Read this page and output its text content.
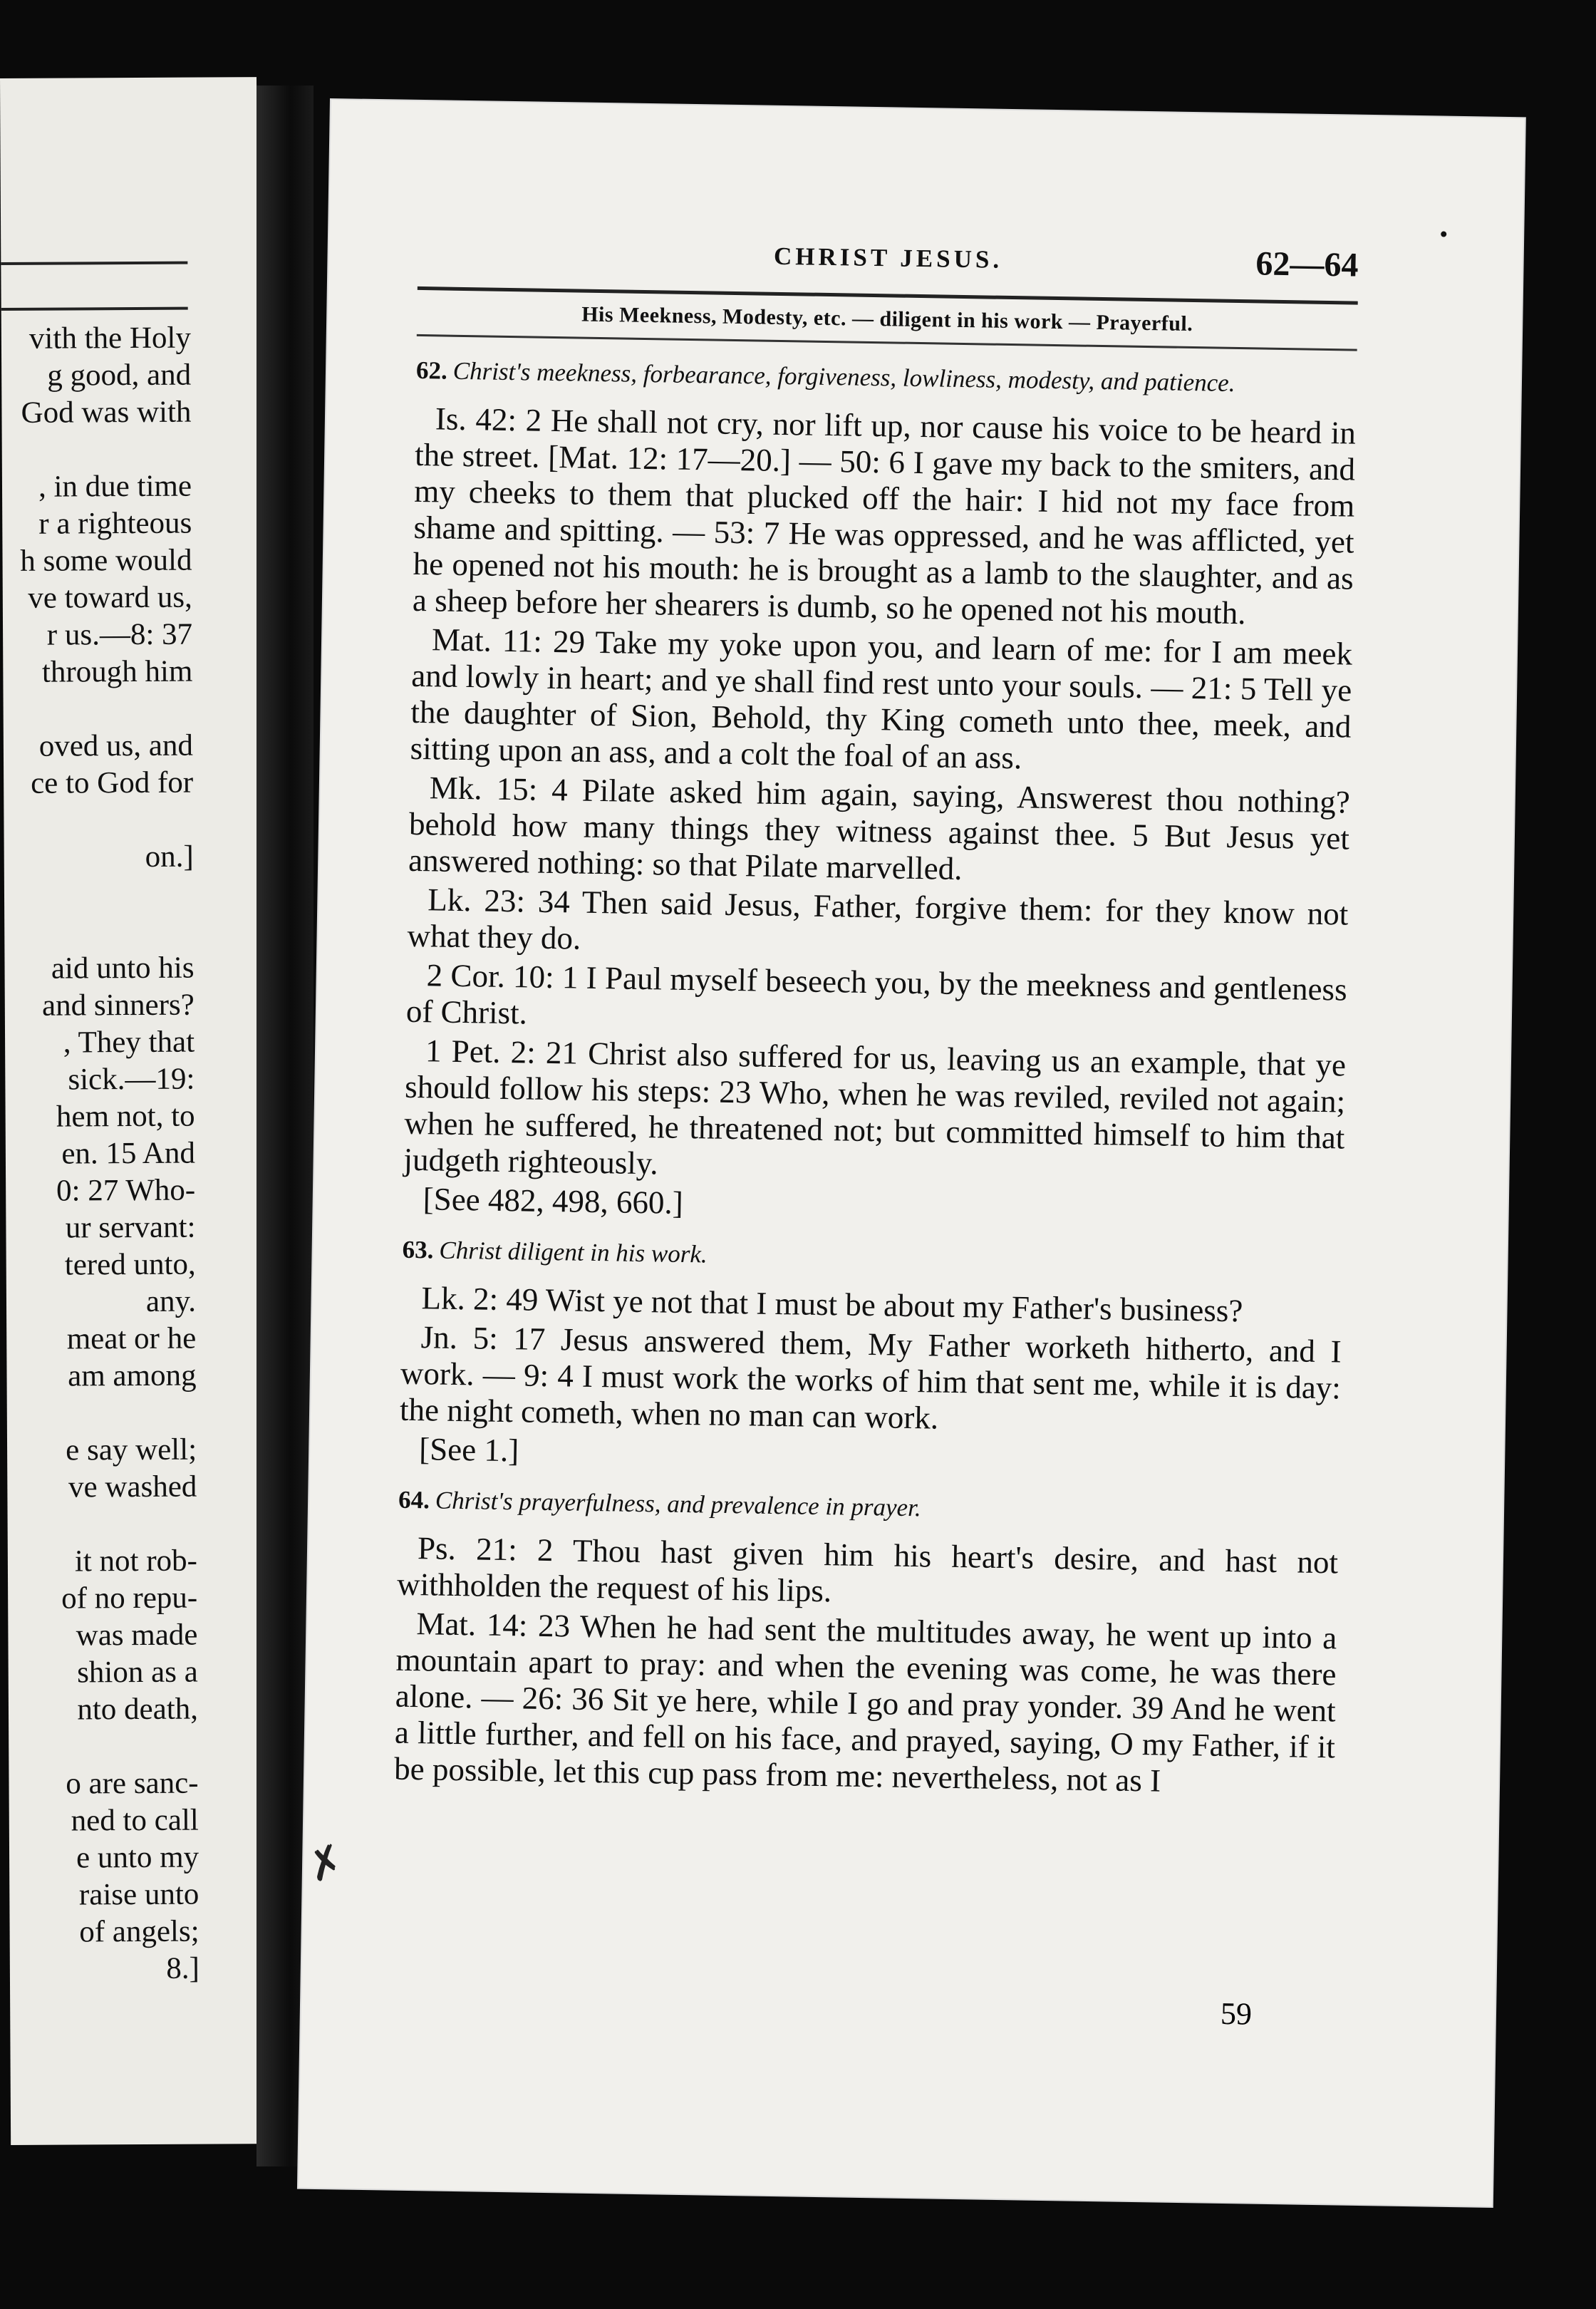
vith the Holy
g good, and
God was with
, in due time
r a righteous
h some would
ve toward us,
r us.—8: 37
through him
oved us, and
ce to God for
on.]
aid unto his
and sinners?
, They that
sick.—19:
hem not, to
en. 15 And
0: 27 Who-
ur servant:
tered unto,
any.
meat or he
am among
e say well;
ve washed
it not rob-
of no repu-
was made
shion as a
nto death,
o are sanc-
ned to call
e unto my
raise unto
of angels;
8.]
CHRIST JESUS.	62—64
His Meekness, Modesty, etc. — diligent in his work — Prayerful.
62. Christ's meekness, forbearance, forgiveness, lowliness, modesty, and patience.

Is. 42: 2 He shall not cry, nor lift up, nor cause his voice to be heard in the street. [Mat. 12: 17—20.] — 50: 6 I gave my back to the smiters, and my cheeks to them that plucked off the hair: I hid not my face from shame and spitting. — 53: 7 He was oppressed, and he was afflicted, yet he opened not his mouth: he is brought as a lamb to the slaughter, and as a sheep before her shearers is dumb, so he opened not his mouth.

Mat. 11: 29 Take my yoke upon you, and learn of me: for I am meek and lowly in heart; and ye shall find rest unto your souls. — 21: 5 Tell ye the daughter of Sion, Behold, thy King cometh unto thee, meek, and sitting upon an ass, and a colt the foal of an ass.

Mk. 15: 4 Pilate asked him again, saying, Answerest thou nothing? behold how many things they witness against thee. 5 But Jesus yet answered nothing: so that Pilate marvelled.

Lk. 23: 34 Then said Jesus, Father, forgive them: for they know not what they do.

2 Cor. 10: 1 I Paul myself beseech you, by the meekness and gentleness of Christ.

1 Pet. 2: 21 Christ also suffered for us, leaving us an example, that ye should follow his steps: 23 Who, when he was reviled, reviled not again; when he suffered, he threatened not; but committed himself to him that judgeth righteously.

[See 482, 498, 660.]

63. Christ diligent in his work.

Lk. 2: 49 Wist ye not that I must be about my Father's business?

Jn. 5: 17 Jesus answered them, My Father worketh hitherto, and I work. — 9: 4 I must work the works of him that sent me, while it is day: the night cometh, when no man can work.

[See 1.]

64. Christ's prayerfulness, and prevalence in prayer.

Ps. 21: 2 Thou hast given him his heart's desire, and hast not withholden the request of his lips.

Mat. 14: 23 When he had sent the multitudes away, he went up into a mountain apart to pray: and when the evening was come, he was there alone. — 26: 36 Sit ye here, while I go and pray yonder. 39 And he went a little further, and fell on his face, and prayed, saying, O my Father, if it be possible, let this cup pass from me: nevertheless, not as I

59
✗
